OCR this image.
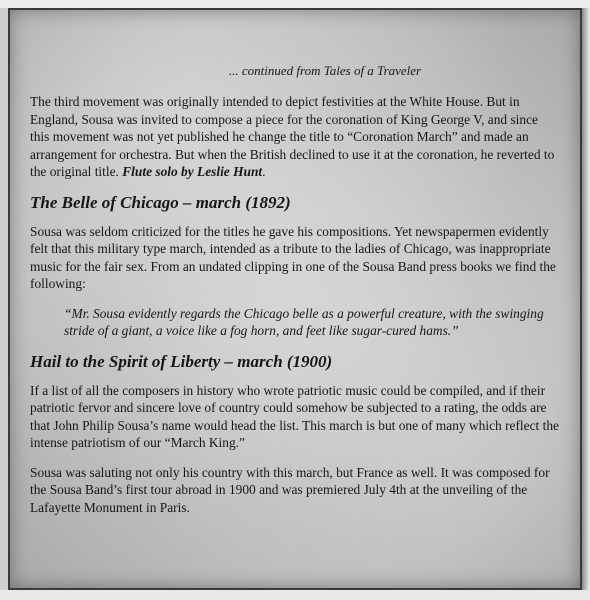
... continued from Tales of a Traveler

The third movement was originally intended to depict festivities at the White House. But in England, Sousa was invited to compose a piece for the coronation of King George V, and since this movement was not yet published he change the title to “Coronation March” and made an arrangement for orchestra. But when the British declined to use it at the coronation, he reverted to the original title. Flute solo by Leslie Hunt.

The Belle of Chicago – march (1892)

Sousa was seldom criticized for the titles he gave his compositions. Yet newspapermen evidently felt that this military type march, intended as a tribute to the ladies of Chicago, was inappropriate music for the fair sex. From an undated clipping in one of the Sousa Band press books we find the following:

“Mr. Sousa evidently regards the Chicago belle as a powerful creature, with the swinging stride of a giant, a voice like a fog horn, and feet like sugar-cured hams.”
Hail to the Spirit of Liberty – march (1900)

If a list of all the composers in history who wrote patriotic music could be compiled, and if their patriotic fervor and sincere love of country could somehow be subjected to a rating, the odds are that John Philip Sousa’s name would head the list. This march is but one of many which reflect the intense patriotism of our “March King.”

Sousa was saluting not only his country with this march, but France as well. It was composed for the Sousa Band’s first tour abroad in 1900 and was premiered July 4th at the unveiling of the Lafayette Monument in Paris.
